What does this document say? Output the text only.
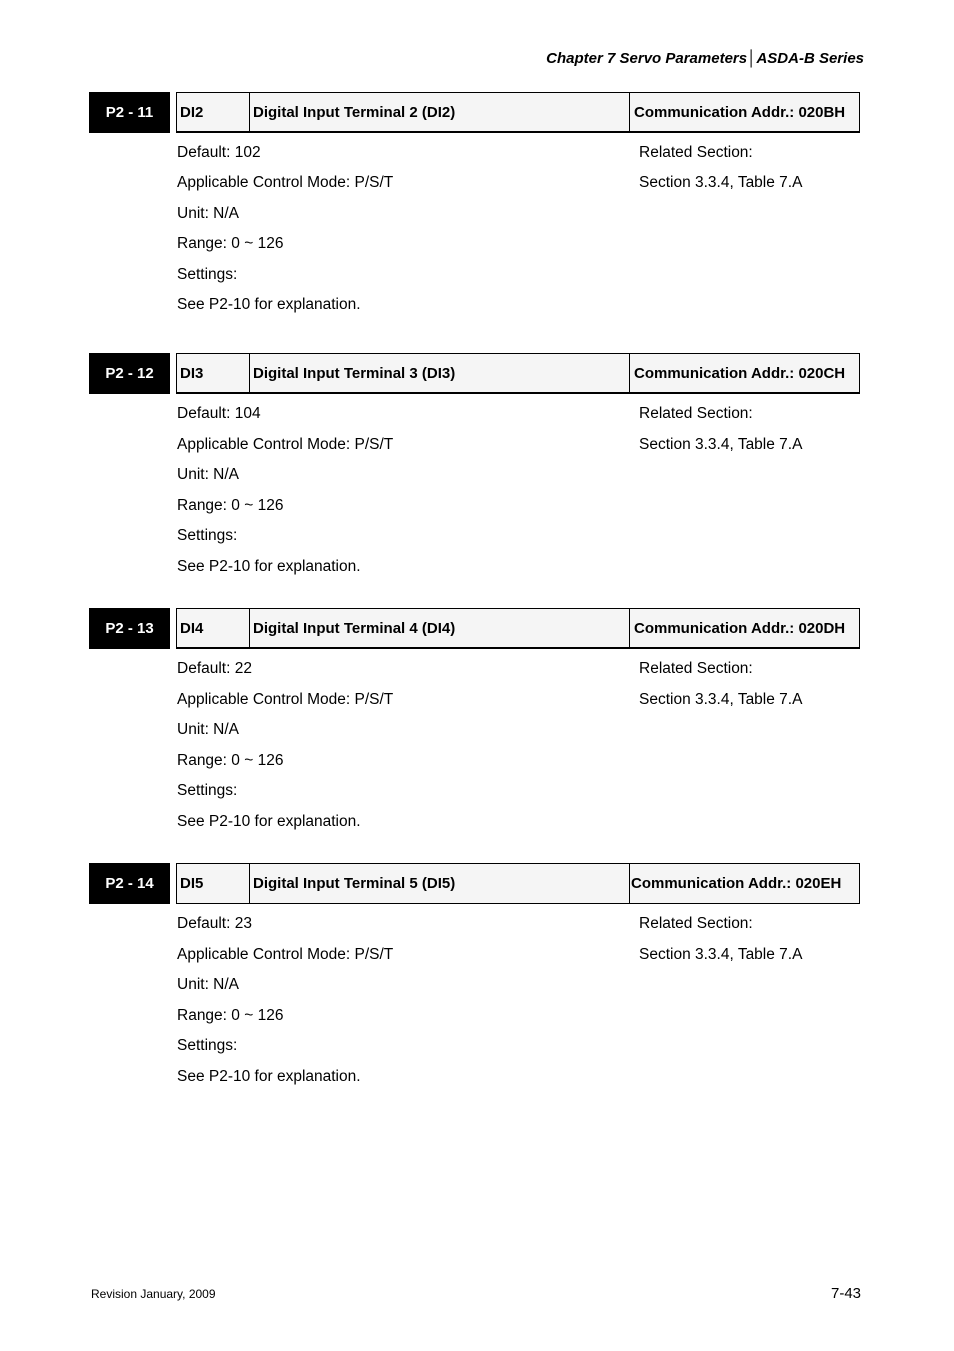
Chapter 7 Servo Parameters│ASDA-B Series
P2 - 11	DI2	Digital Input Terminal 2 (DI2)	Communication Addr.: 020BH
Default: 102
Applicable Control Mode: P/S/T
Unit: N/A
Range: 0 ~ 126
Settings:
See P2-10 for explanation.
Related Section:
Section 3.3.4, Table 7.A
P2 - 12	DI3	Digital Input Terminal 3 (DI3)	Communication Addr.: 020CH
Default: 104
Applicable Control Mode: P/S/T
Unit: N/A
Range: 0 ~ 126
Settings:
See P2-10 for explanation.
Related Section:
Section 3.3.4, Table 7.A
P2 - 13	DI4	Digital Input Terminal 4 (DI4)	Communication Addr.: 020DH
Default: 22
Applicable Control Mode: P/S/T
Unit: N/A
Range: 0 ~ 126
Settings:
See P2-10 for explanation.
Related Section:
Section 3.3.4, Table 7.A
P2 - 14	DI5	Digital Input Terminal 5 (DI5)	Communication Addr.: 020EH
Default: 23
Applicable Control Mode: P/S/T
Unit: N/A
Range: 0 ~ 126
Settings:
See P2-10 for explanation.
Related Section:
Section 3.3.4, Table 7.A
Revision January, 2009	7-43
